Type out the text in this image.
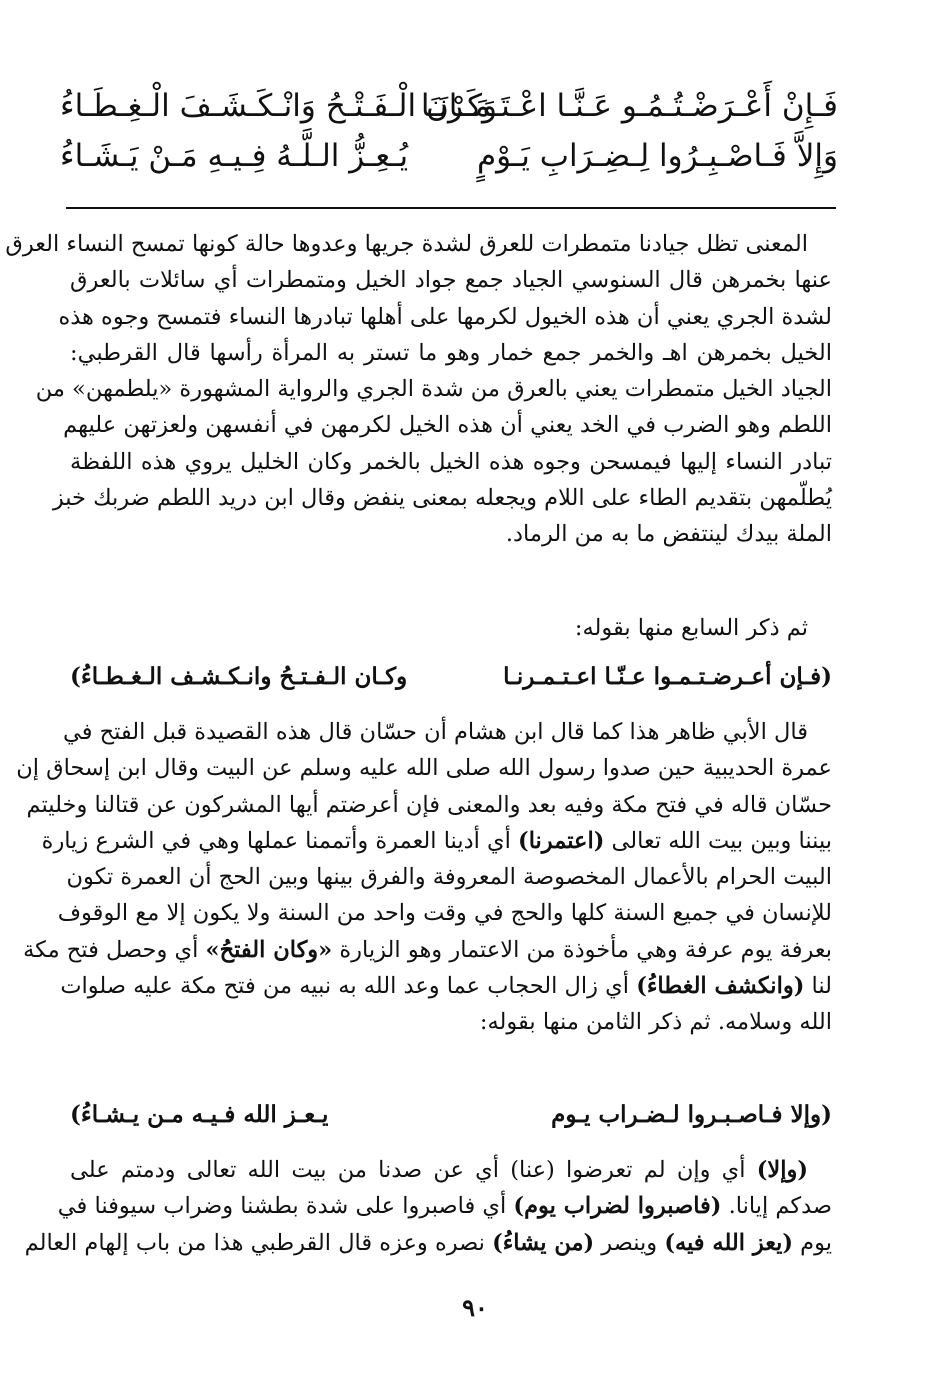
فَـإِنْ أَعْـرَضْـتُـمُـو عَـنَّـا اعْـتَـمَـرْنَـا
وَكَـانَ الْـفَـتْـحُ وَانْـكَـشَـفَ الْـغِـطَـاءُ
وَإِلاَّ فَـاصْـبِـرُوا لِـضِـرَابِ يَـوْمٍ
يُـعِـزُّ الـلَّـهُ فِـيـهِ مَـنْ يَـشَـاءُ
المعنى تظل جيادنا متمطرات للعرق لشدة جريها وعدوها حالة كونها تمسح النساء العرق
عنها بخمرهن قال السنوسي الجياد جمع جواد الخيل ومتمطرات أي سائلات بالعرق
لشدة الجري يعني أن هذه الخيول لكرمها على أهلها تبادرها النساء فتمسح وجوه هذه
الخيل بخمرهن اهـ والخمر جمع خمار وهو ما تستر به المرأة رأسها قال القرطبي:
الجياد الخيل متمطرات يعني بالعرق من شدة الجري والرواية المشهورة «يلطمهن» من
اللطم وهو الضرب في الخد يعني أن هذه الخيل لكرمهن في أنفسهن ولعزتهن عليهم
تبادر النساء إليها فيمسحن وجوه هذه الخيل بالخمر وكان الخليل يروي هذه اللفظة
يُطلّمهن بتقديم الطاء على اللام ويجعله بمعنى ينفض وقال ابن دريد اللطم ضربك خبز
الملة بيدك لينتفض ما به من الرماد.
ثم ذكر السابع منها بقوله:
(فـإن أعـرضـتـمـوا عـنّـا اعـتـمـرنـا
وكـان الـفـتـحُ وانـكـشـف الـغـطـاءُ)
قال الأبي ظاهر هذا كما قال ابن هشام أن حسّان قال هذه القصيدة قبل الفتح في
عمرة الحديبية حين صدوا رسول الله صلى الله عليه وسلم عن البيت وقال ابن إسحاق إن
حسّان قاله في فتح مكة وفيه بعد والمعنى فإن أعرضتم أيها المشركون عن قتالنا وخليتم
بيننا وبين بيت الله تعالى (اعتمرنا) أي أدينا العمرة وأتممنا عملها وهي في الشرع زيارة
البيت الحرام بالأعمال المخصوصة المعروفة والفرق بينها وبين الحج أن العمرة تكون
للإنسان في جميع السنة كلها والحج في وقت واحد من السنة ولا يكون إلا مع الوقوف
بعرفة يوم عرفة وهي مأخوذة من الاعتمار وهو الزيارة «وكان الفتحُ» أي وحصل فتح مكة
لنا (وانكشف الغطاءُ) أي زال الحجاب عما وعد الله به نبيه من فتح مكة عليه صلوات
الله وسلامه. ثم ذكر الثامن منها بقوله:
(وإلا فـاصـبـروا لـضـراب يـوم
يـعـز الله فـيـه مـن يـشـاءُ)
(وإلا) أي وإن لم تعرضوا (عنا) أي عن صدنا من بيت الله تعالى ودمتم على
صدكم إيانا. (فاصبروا لضراب يوم) أي فاصبروا على شدة بطشنا وضراب سيوفنا في
يوم (يعز الله فيه) وينصر (من يشاءُ) نصره وعزه قال القرطبي هذا من باب إلهام العالم
٩٠
